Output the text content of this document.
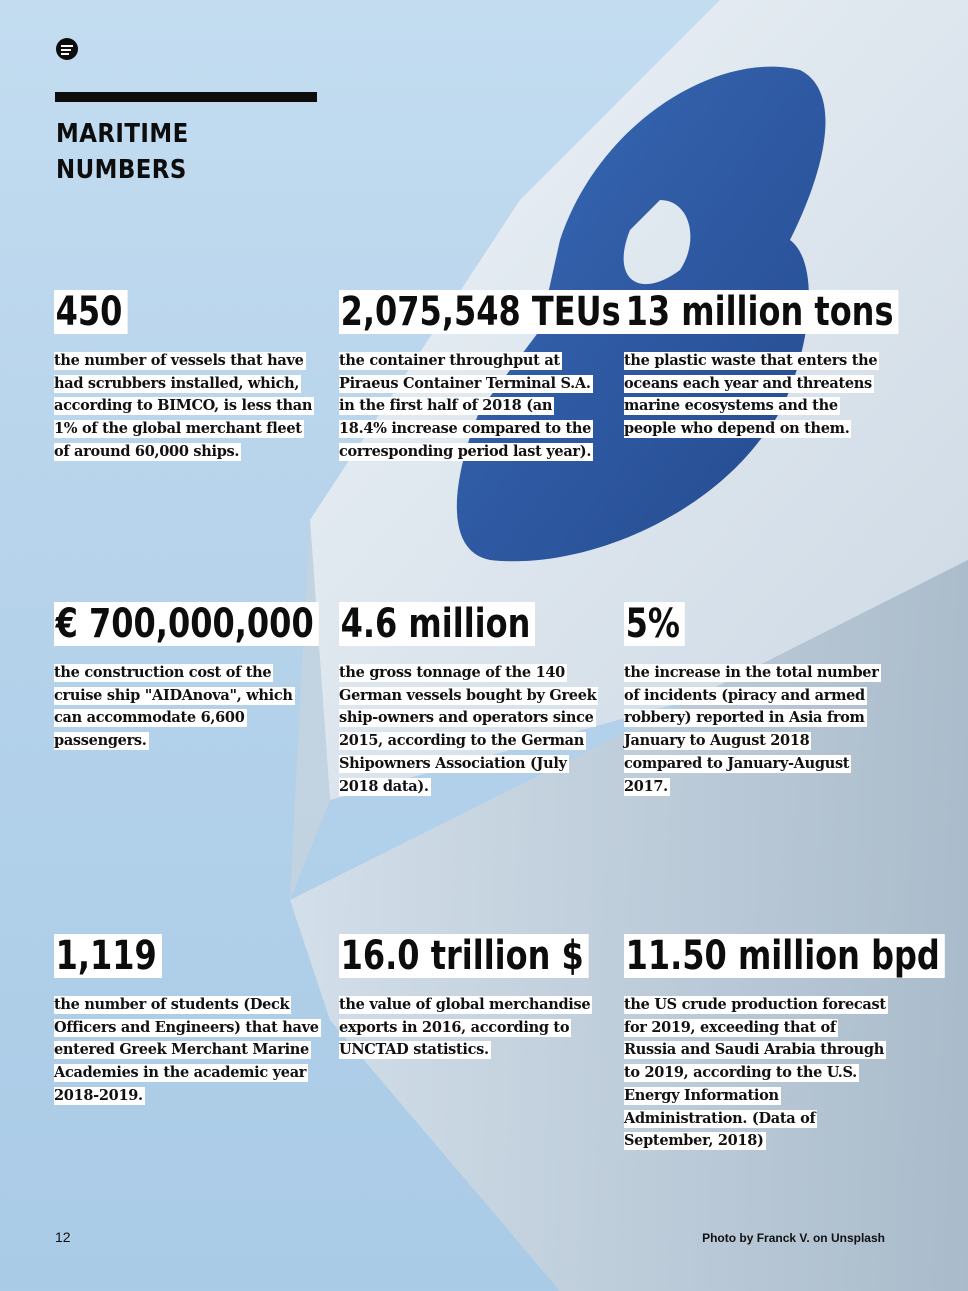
MARITIME NUMBERS
450

the number of vessels that have had scrubbers installed, which, according to BIMCO, is less than 1% of the global merchant fleet of around 60,000 ships.

2,075,548 TEUs

the container throughput at Piraeus Container Terminal S.A. in the first half of 2018 (an 18.4% increase compared to the corresponding period last year).

13 million tons

the plastic waste that enters the oceans each year and threatens marine ecosystems and the people who depend on them.

€ 700,000,000

the construction cost of the cruise ship "AIDAnova", which can accommodate 6,600 passengers.

4.6 million

the gross tonnage of the 140 German vessels bought by Greek ship-owners and operators since 2015, according to the German Shipowners Association (July 2018 data).

5%

the increase in the total number of incidents (piracy and armed robbery) reported in Asia from January to August 2018 compared to January-August 2017.

1,119

the number of students (Deck Officers and Engineers) that have entered Greek Merchant Marine Academies in the academic year 2018-2019.

16.0 trillion $

the value of global merchandise exports in 2016, according to UNCTAD statistics.

11.50 million bpd

the US crude production forecast for 2019, exceeding that of Russia and Saudi Arabia through to 2019, according to the U.S. Energy Information Administration. (Data of September, 2018)

12	Photo by Franck V. on Unsplash
